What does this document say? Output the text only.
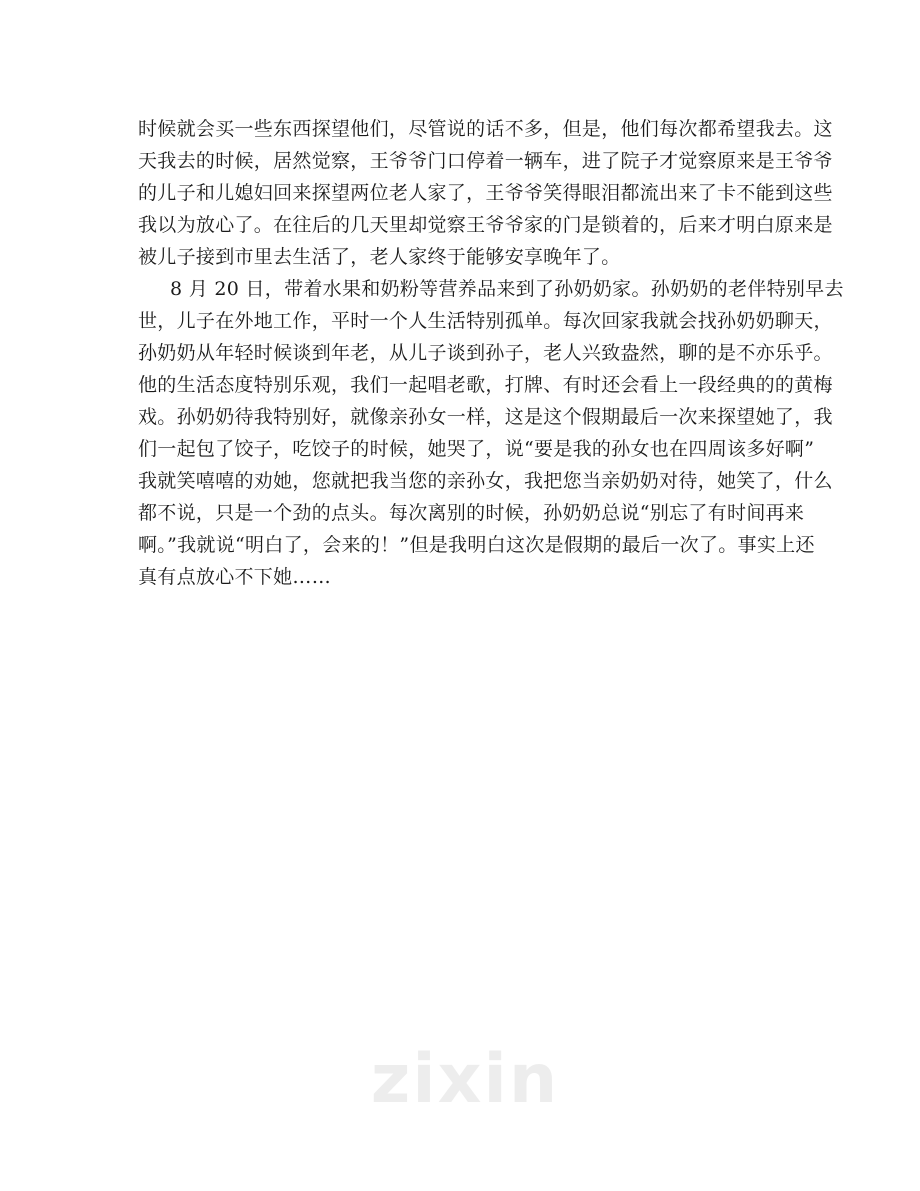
时候就会买一些东西探望他们，尽管说的话不多，但是，他们每次都希望我去。这
天我去的时候，居然觉察，王爷爷门口停着一辆车，进了院子才觉察原来是王爷爷
的儿子和儿媳妇回来探望两位老人家了，王爷爷笑得眼泪都流出来了卡不能到这些
我以为放心了。在往后的几天里却觉察王爷爷家的门是锁着的，后来才明白原来是
被儿子接到市里去生活了，老人家终于能够安享晚年了。
8 月 20 日，带着水果和奶粉等营养品来到了孙奶奶家。孙奶奶的老伴特别早去
世，儿子在外地工作，平时一个人生活特别孤单。每次回家我就会找孙奶奶聊天，
孙奶奶从年轻时候谈到年老，从儿子谈到孙子，老人兴致盎然，聊的是不亦乐乎。
他的生活态度特别乐观，我们一起唱老歌，打牌、有时还会看上一段经典的的黄梅
戏。孙奶奶待我特别好，就像亲孙女一样，这是这个假期最后一次来探望她了，我
们一起包了饺子，吃饺子的时候，她哭了，说“要是我的孙女也在四周该多好啊”
我就笑嘻嘻的劝她，您就把我当您的亲孙女，我把您当亲奶奶对待，她笑了，什么
都不说，只是一个劲的点头。每次离别的时候，孙奶奶总说“别忘了有时间再来
啊。”我就说“明白了，会来的！”但是我明白这次是假期的最后一次了。事实上还
真有点放心不下她……
zixin
